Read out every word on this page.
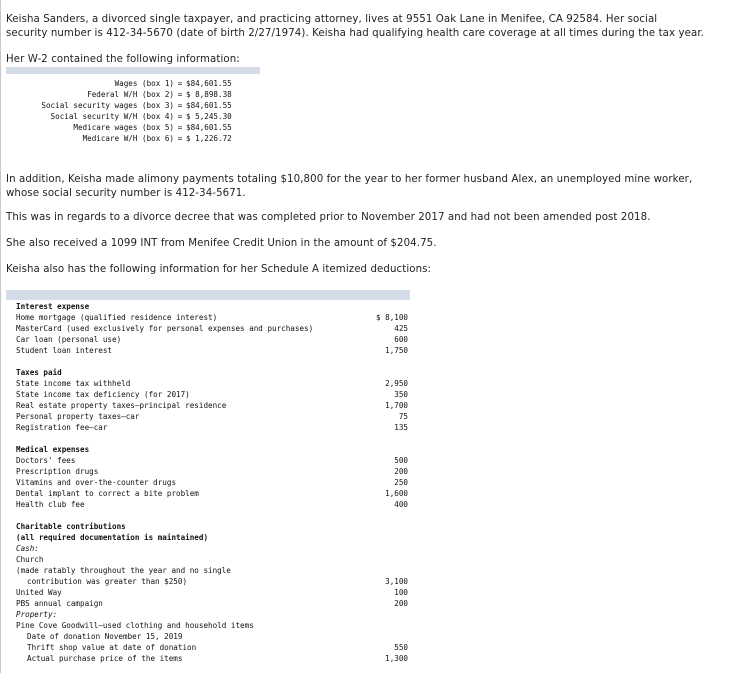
Keisha Sanders, a divorced single taxpayer, and practicing attorney, lives at 9551 Oak Lane in Menifee, CA 92584. Her social
security number is 412-34-5670 (date of birth 2/27/1974). Keisha had qualifying health care coverage at all times during the tax year.

Her W-2 contained the following information:

Wages (box 1) = $84,601.55
Federal W/H (box 2) = $ 8,898.38
Social security wages (box 3) = $84,601.55
Social security W/H (box 4) = $ 5,245.30
Medicare wages (box 5) = $84,601.55
Medicare W/H (box 6) = $ 1,226.72

In addition, Keisha made alimony payments totaling $10,800 for the year to her former husband Alex, an unemployed mine worker,
whose social security number is 412-34-5671.

This was in regards to a divorce decree that was completed prior to November 2017 and had not been amended post 2018.

She also received a 1099 INT from Menifee Credit Union in the amount of $204.75.

Keisha also has the following information for her Schedule A itemized deductions:

Interest expense
Home mortgage (qualified residence interest)	$ 8,100
MasterCard (used exclusively for personal expenses and purchases)	425
Car loan (personal use)	600
Student loan interest	1,750
Taxes paid
State income tax withheld	2,950
State income tax deficiency (for 2017)	350
Real estate property taxes—principal residence	1,700
Personal property taxes—car	75
Registration fee—car	135
Medical expenses
Doctors' fees	500
Prescription drugs	200
Vitamins and over-the-counter drugs	250
Dental implant to correct a bite problem	1,600
Health club fee	400
Charitable contributions
(all required documentation is maintained)
Cash:
Church
(made ratably throughout the year and no single
contribution was greater than $250)	3,100
United Way	100
PBS annual campaign	200
Property:
Pine Cove Goodwill—used clothing and household items
Date of donation November 15, 2019
Thrift shop value at date of donation	550
Actual purchase price of the items	1,300
